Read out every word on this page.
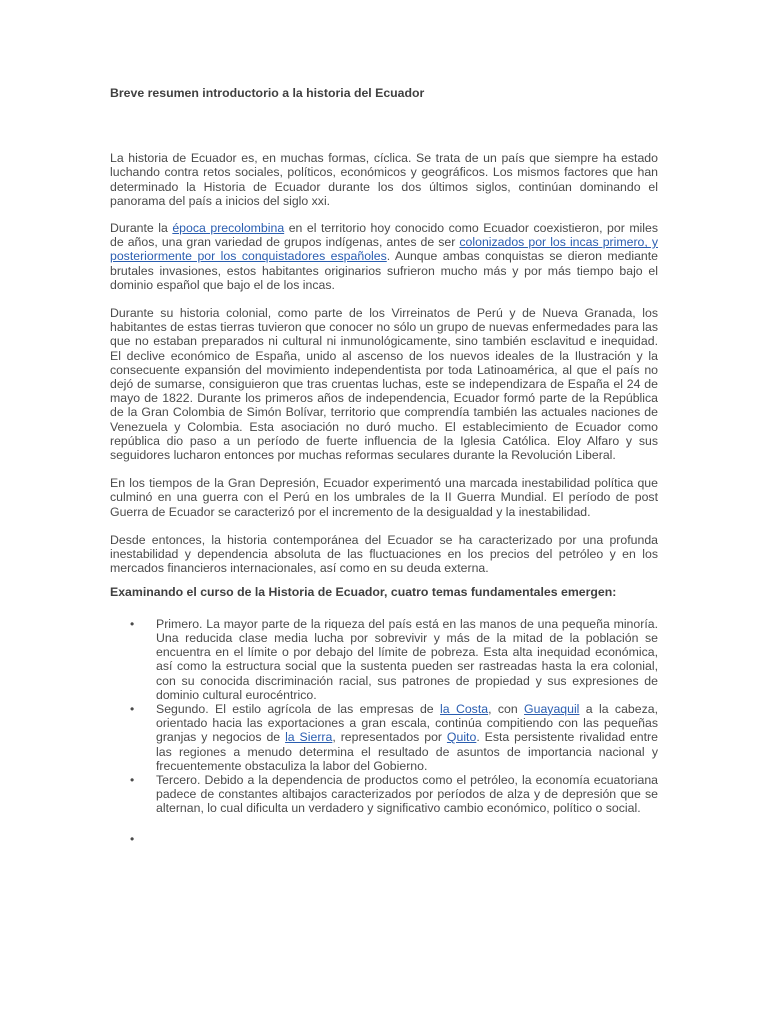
Breve resumen introductorio a la historia del Ecuador

La historia de Ecuador es, en muchas formas, cíclica. Se trata de un país que siempre ha estado luchando contra retos sociales, políticos, económicos y geográficos. Los mismos factores que han determinado la Historia de Ecuador durante los dos últimos siglos, continúan dominando el panorama del país a inicios del siglo xxi.

Durante la época precolombina en el territorio hoy conocido como Ecuador coexistieron, por miles de años, una gran variedad de grupos indígenas, antes de ser colonizados por los incas primero, y posteriormente por los conquistadores españoles. Aunque ambas conquistas se dieron mediante brutales invasiones, estos habitantes originarios sufrieron mucho más y por más tiempo bajo el dominio español que bajo el de los incas.

Durante su historia colonial, como parte de los Virreinatos de Perú y de Nueva Granada, los habitantes de estas tierras tuvieron que conocer no sólo un grupo de nuevas enfermedades para las que no estaban preparados ni cultural ni inmunológicamente, sino también esclavitud e inequidad. El declive económico de España, unido al ascenso de los nuevos ideales de la Ilustración y la consecuente expansión del movimiento independentista por toda Latinoamérica, al que el país no dejó de sumarse, consiguieron que tras cruentas luchas, este se independizara de España el 24 de mayo de 1822. Durante los primeros años de independencia, Ecuador formó parte de la República de la Gran Colombia de Simón Bolívar, territorio que comprendía también las actuales naciones de Venezuela y Colombia. Esta asociación no duró mucho. El establecimiento de Ecuador como república dio paso a un período de fuerte influencia de la Iglesia Católica. Eloy Alfaro y sus seguidores lucharon entonces por muchas reformas seculares durante la Revolución Liberal.

En los tiempos de la Gran Depresión, Ecuador experimentó una marcada inestabilidad política que culminó en una guerra con el Perú en los umbrales de la II Guerra Mundial. El período de post Guerra de Ecuador se caracterizó por el incremento de la desigualdad y la inestabilidad.

Desde entonces, la historia contemporánea del Ecuador se ha caracterizado por una profunda inestabilidad y dependencia absoluta de las fluctuaciones en los precios del petróleo y en los mercados financieros internacionales, así como en su deuda externa.

Examinando el curso de la Historia de Ecuador, cuatro temas fundamentales emergen:
• Primero. La mayor parte de la riqueza del país está en las manos de una pequeña minoría. Una reducida clase media lucha por sobrevivir y más de la mitad de la población se encuentra en el límite o por debajo del límite de pobreza. Esta alta inequidad económica, así como la estructura social que la sustenta pueden ser rastreadas hasta la era colonial, con su conocida discriminación racial, sus patrones de propiedad y sus expresiones de dominio cultural eurocéntrico.

• Segundo. El estilo agrícola de las empresas de la Costa, con Guayaquil a la cabeza, orientado hacia las exportaciones a gran escala, continúa compitiendo con las pequeñas granjas y negocios de la Sierra, representados por Quito. Esta persistente rivalidad entre las regiones a menudo determina el resultado de asuntos de importancia nacional y frecuentemente obstaculiza la labor del Gobierno.

• Tercero. Debido a la dependencia de productos como el petróleo, la economía ecuatoriana padece de constantes altibajos caracterizados por períodos de alza y de depresión que se alternan, lo cual dificulta un verdadero y significativo cambio económico, político o social.

•
